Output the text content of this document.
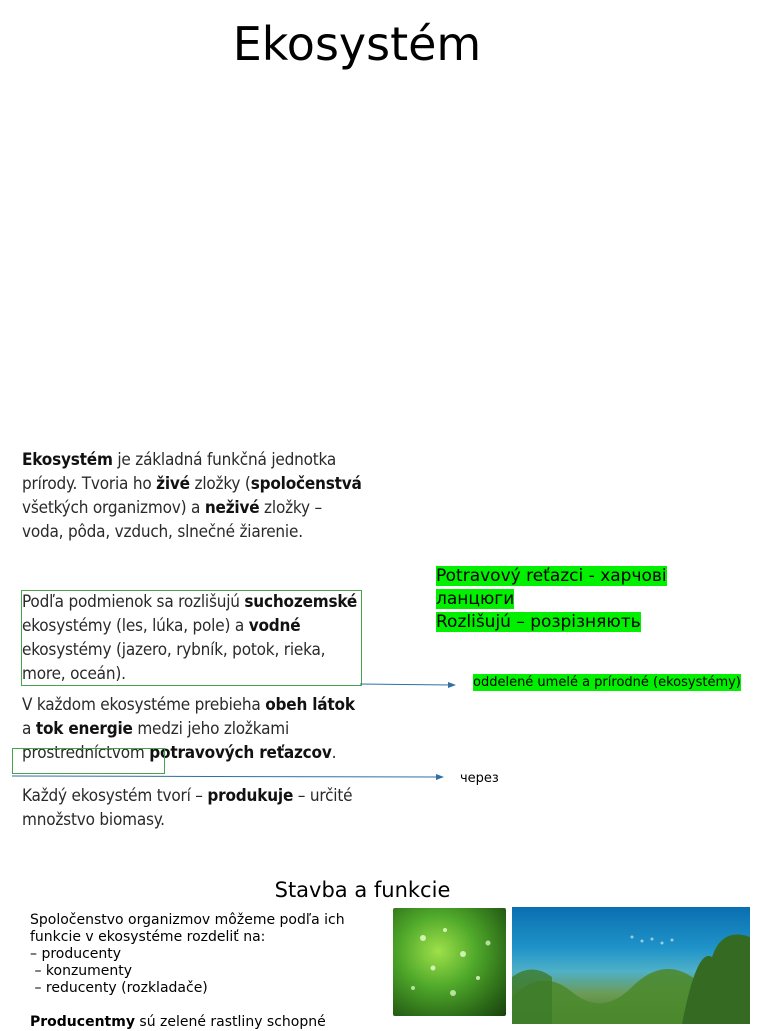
Ekosystém
Ekosystém je základná funkčná jednotka prírody. Tvoria ho živé zložky (spoločenstvá všetkých organizmov) a neživé zložky – voda, pôda, vzduch, slnečné žiarenie.
Podľa podmienok sa rozlišujú suchozemské ekosystémy (les, lúka, pole) a vodné ekosystémy (jazero, rybník, potok, rieka, more, oceán).
V každom ekosystéme prebieha obeh látok a tok energie medzi jeho zložkami prostredníctvom potravových reťazcov.
Každý ekosystém tvorí – produkuje – určité množstvo biomasy.
Potravový reťazci - харчові
ланцюги
Rozlišujú – розрізняють
oddelené umelé a prírodné (ekosystémy)
через
Stavba a funkcie
Spoločenstvo organizmov môžeme podľa ich
funkcie v ekosystéme rozdeliť na:
– producenty
– konzumenty
– reducenty (rozkladače)
Producentmy sú zelené rastliny schopné
